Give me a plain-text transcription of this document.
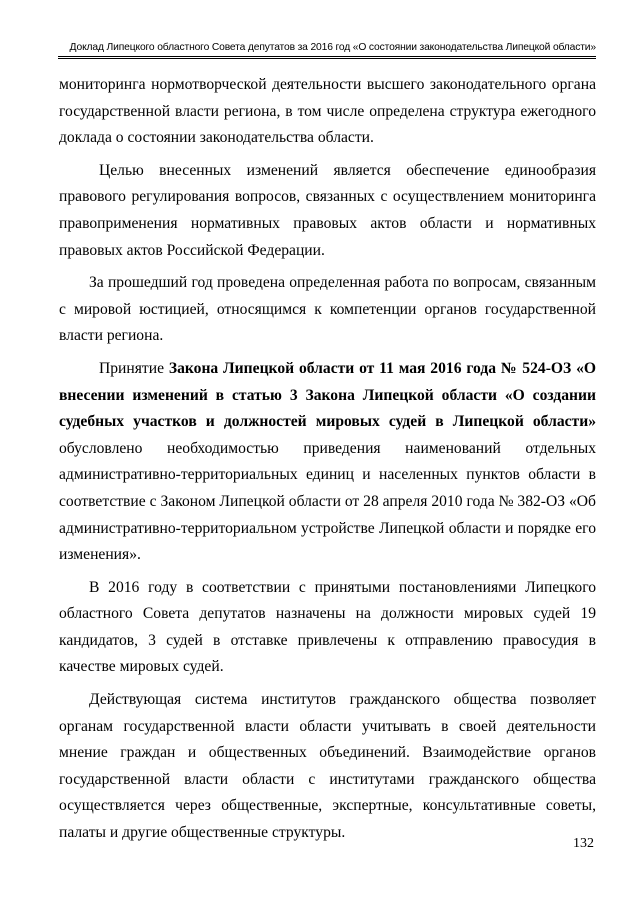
Доклад Липецкого областного Совета депутатов за 2016 год «О состоянии законодательства Липецкой области»

мониторинга нормотворческой деятельности высшего законодательного органа государственной власти региона, в том числе определена структура ежегодного доклада о состоянии законодательства области.

Целью внесенных изменений является обеспечение единообразия правового регулирования вопросов, связанных с осуществлением мониторинга правоприменения нормативных правовых актов области и нормативных правовых актов Российской Федерации.

За прошедший год проведена определенная работа по вопросам, связанным с мировой юстицией, относящимся к компетенции органов государственной власти региона.

Принятие Закона Липецкой области от 11 мая 2016 года № 524-ОЗ «О внесении изменений в статью 3 Закона Липецкой области «О создании судебных участков и должностей мировых судей в Липецкой области» обусловлено необходимостью приведения наименований отдельных административно-территориальных единиц и населенных пунктов области в соответствие с Законом Липецкой области от 28 апреля 2010 года № 382-ОЗ «Об административно-территориальном устройстве Липецкой области и порядке его изменения».

В 2016 году в соответствии с принятыми постановлениями Липецкого областного Совета депутатов назначены на должности мировых судей 19 кандидатов, 3 судей в отставке привлечены к отправлению правосудия в качестве мировых судей.

Действующая система институтов гражданского общества позволяет органам государственной власти области учитывать в своей деятельности мнение граждан и общественных объединений. Взаимодействие органов государственной власти области с институтами гражданского общества осуществляется через общественные, экспертные, консультативные советы, палаты и другие общественные структуры.

132
